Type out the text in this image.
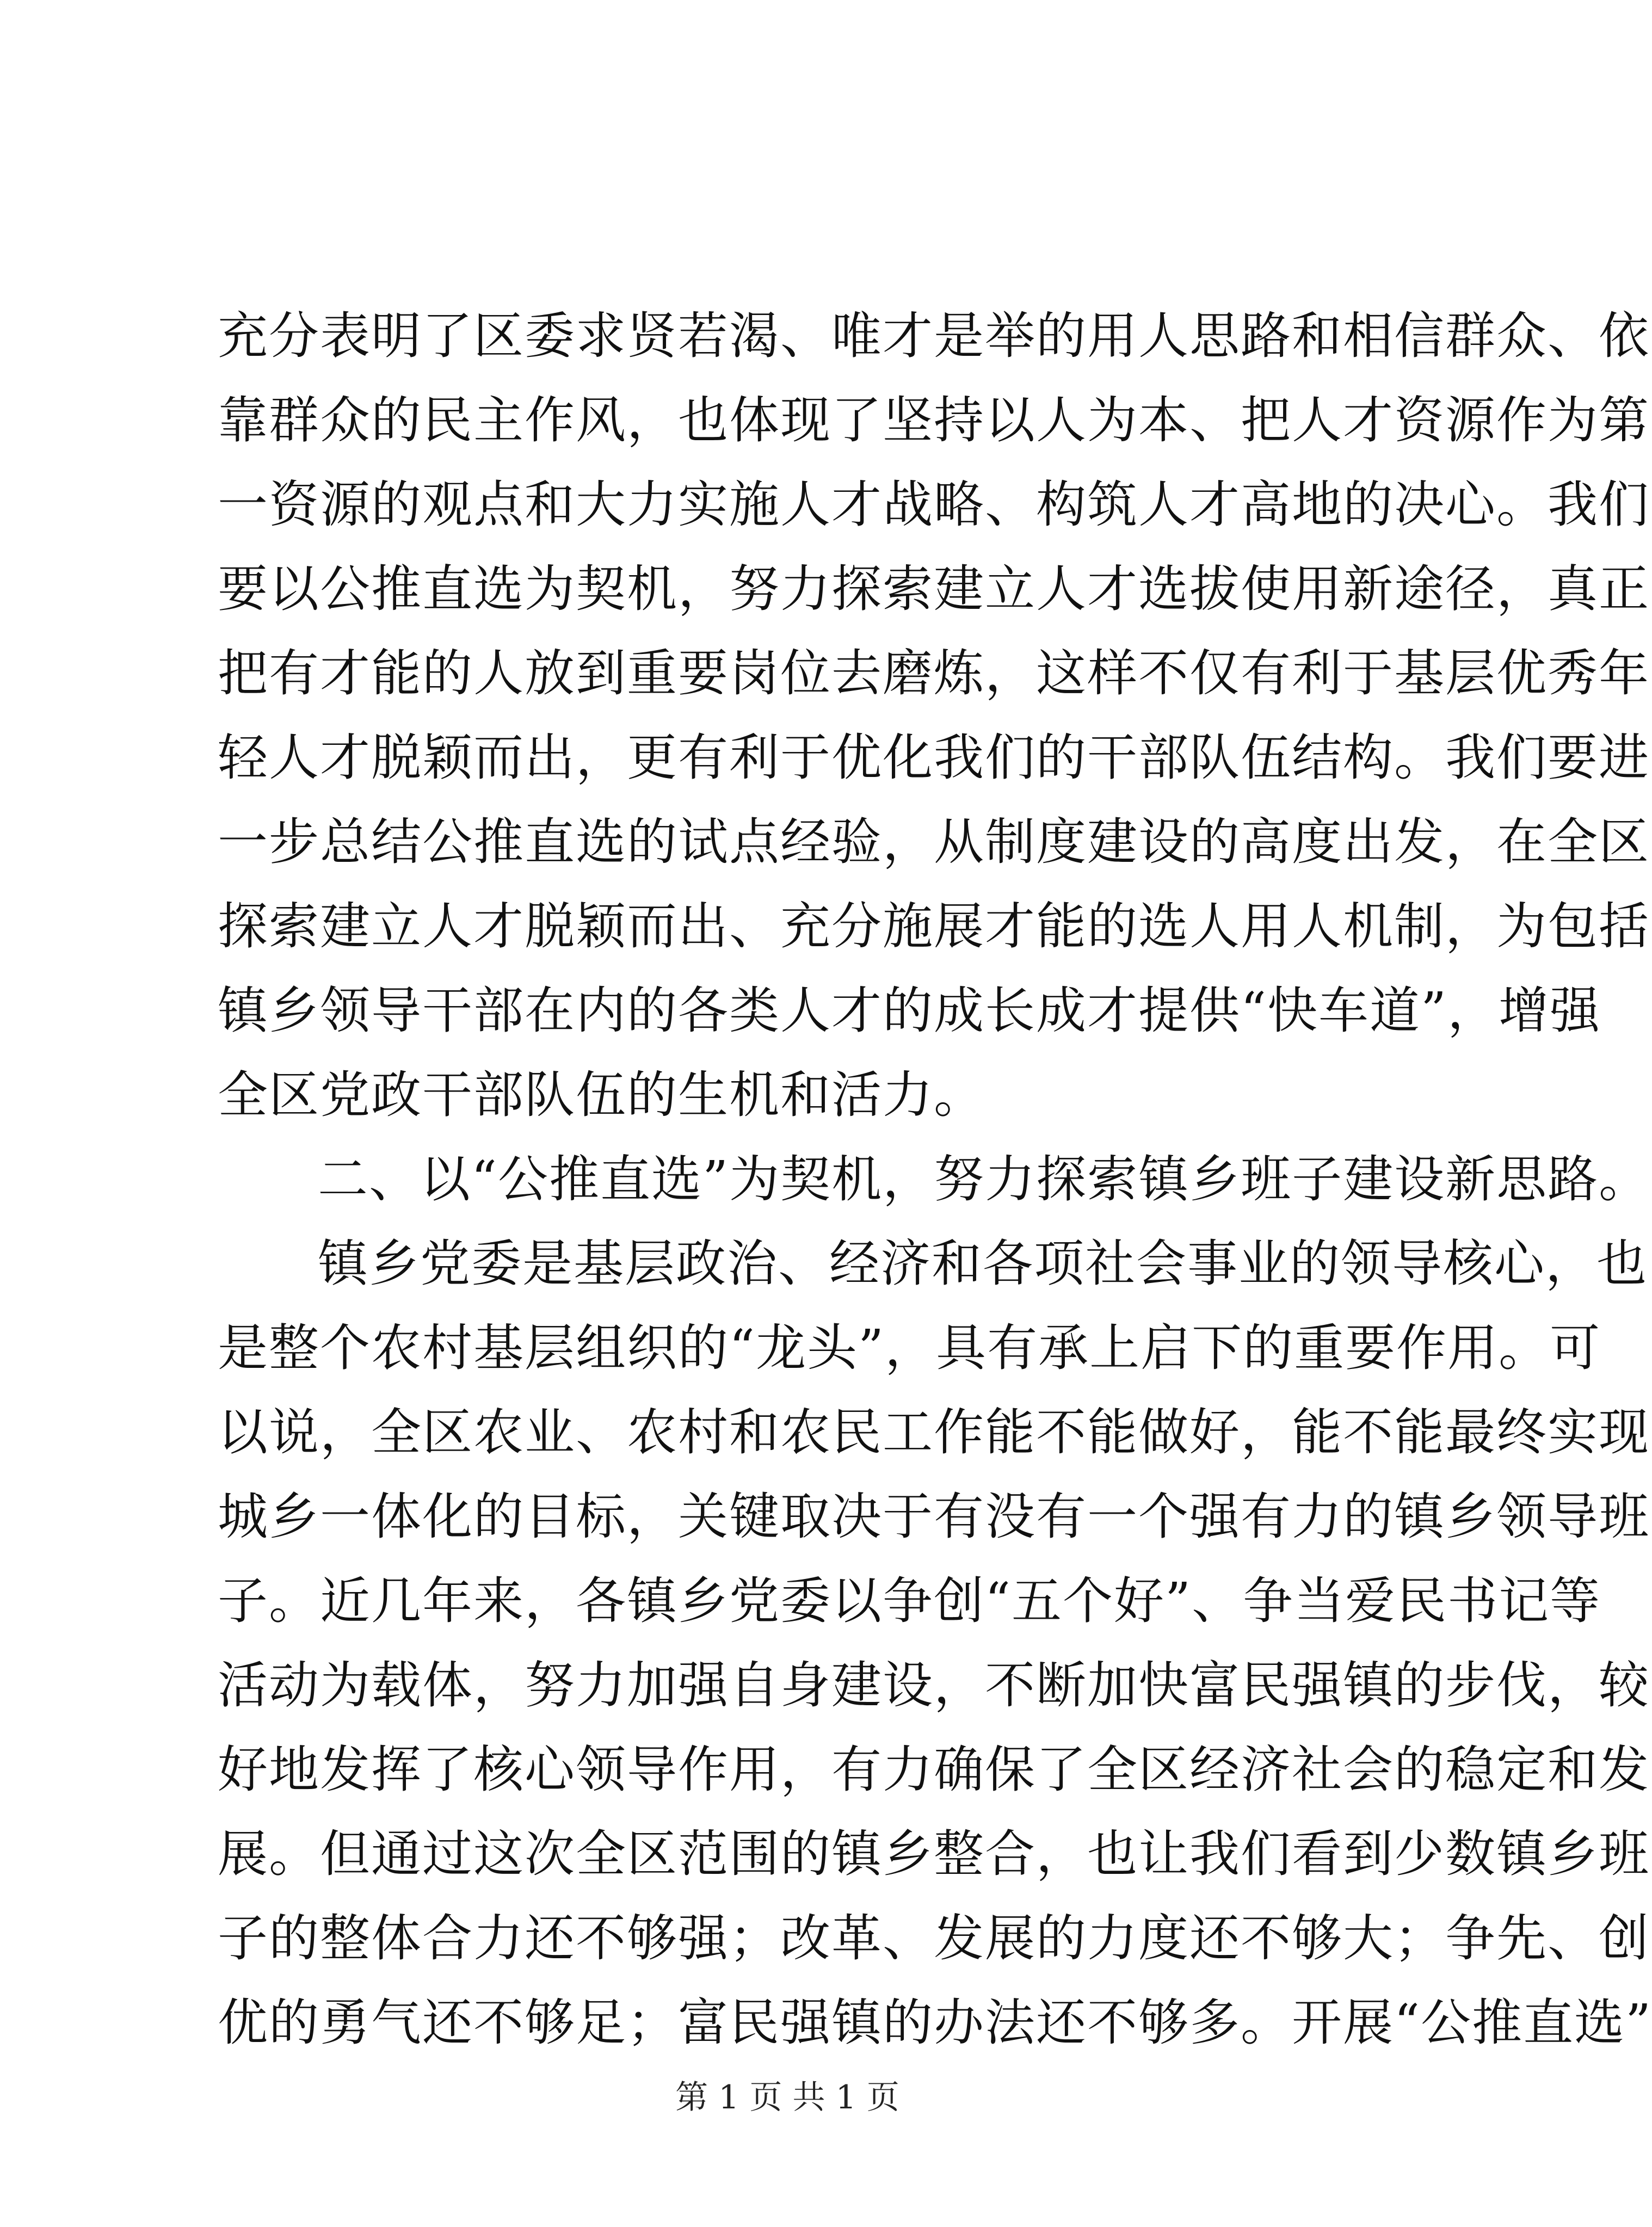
充分表明了区委求贤若渴、唯才是举的用人思路和相信群众、依
靠群众的民主作风，也体现了坚持以人为本、把人才资源作为第
一资源的观点和大力实施人才战略、构筑人才高地的决心。我们
要以公推直选为契机，努力探索建立人才选拔使用新途径，真正
把有才能的人放到重要岗位去磨炼，这样不仅有利于基层优秀年
轻人才脱颖而出，更有利于优化我们的干部队伍结构。我们要进
一步总结公推直选的试点经验，从制度建设的高度出发，在全区
探索建立人才脱颖而出、充分施展才能的选人用人机制，为包括
镇乡领导干部在内的各类人才的成长成才提供“快车道”，增强
全区党政干部队伍的生机和活力。
二、以“公推直选”为契机，努力探索镇乡班子建设新思路。
镇乡党委是基层政治、经济和各项社会事业的领导核心，也
是整个农村基层组织的“龙头”，具有承上启下的重要作用。可
以说，全区农业、农村和农民工作能不能做好，能不能最终实现
城乡一体化的目标，关键取决于有没有一个强有力的镇乡领导班
子。近几年来，各镇乡党委以争创“五个好”、争当爱民书记等
活动为载体，努力加强自身建设，不断加快富民强镇的步伐，较
好地发挥了核心领导作用，有力确保了全区经济社会的稳定和发
展。但通过这次全区范围的镇乡整合，也让我们看到少数镇乡班
子的整体合力还不够强；改革、发展的力度还不够大；争先、创
优的勇气还不够足；富民强镇的办法还不够多。开展“公推直选”
第 1 页 共 1 页
